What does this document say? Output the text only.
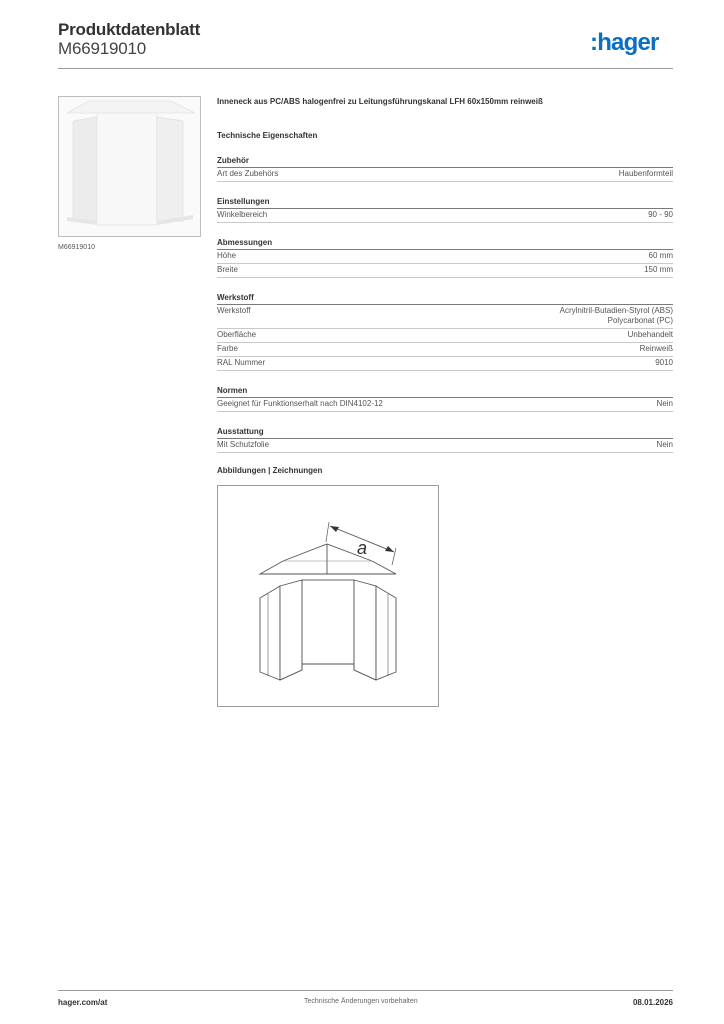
Produktdatenblatt
M66919010	:hager
M66919010
Inneneck aus PC/ABS halogenfrei zu Leitungsführungskanal LFH 60x150mm reinweiß
Technische Eigenschaften
Zubehör
Art des Zubehörs	Haubenformteil
Einstellungen
Winkelbereich	90 - 90
Abmessungen
Höhe	60 mm
Breite	150 mm
Werkstoff
Werkstoff	Acrylnitril-Butadien-Styrol (ABS)
Polycarbonat (PC)
Oberfläche	Unbehandelt
Farbe	Reinweiß
RAL Nummer	9010
Normen
Geeignet für Funktionserhalt nach DIN4102-12	Nein
Ausstattung
Mit Schutzfolie	Nein
Abbildungen | Zeichnungen
a
hager.com/at	Technische Änderungen vorbehalten	08.01.2026
